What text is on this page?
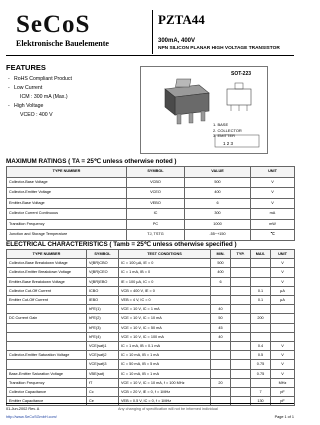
SeCoS
Elektronische Bauelemente
PZTA44
300mA, 400V
NPN SILICON PLANAR HIGH VOLTAGE TRANSISTOR
FEATURES
- RoHS Compliant Product
- Low Current
ICM : 300 mA (Max.)
- High Voltage
VCEO : 400 V
SOT-223
1. BASE
2. COLLECTOR
3. EMITTER
1 2 3
MAXIMUM RATINGS ( TA = 25℃ unless otherwise noted )
TYPE NUMBER	SYMBOL	VALUE	UNIT
Collector-Base Voltage	VCBO	500	V
Collector-Emitter Voltage	VCEO	400	V
Emitter-Base Voltage	VEBO	6	V
Collector Current Continuous	IC	300	mA
Transition Frequency	PC	1000	mW
Junction and Storage Temperature	TJ, TSTG	-55~+150	℃
ELECTRICAL CHARACTERISTICS ( Tamb = 25℃ unless otherwise specified )
TYPE NUMBER	SYMBOL	TEST CONDITIONS	MIN.	TYP.	MAX.	UNIT
Collector-Base Breakdown Voltage	V(BR)CBO	IC = 100 μA, IE = 0	500			V
Collector-Emitter Breakdown Voltage	V(BR)CEO	IC = 1 mA, IB = 0	400			V
Emitter-Base Breakdown Voltage	V(BR)EBO	IE = 100 μA, IC = 0	6			V
Collector Cut-Off Current	ICBO	VCB = 400 V, IE = 0			0.1	μA
Emitter Cut-Off Current	IEBO	VEB = 4 V, IC = 0			0.1	μA
	hFE(1)	VCE = 10 V, IC = 1 mA	40			
DC Current Gain	hFE(2)	VCE = 10 V, IC = 10 mA	50		200	
	hFE(3)	VCE = 10 V, IC = 50 mA	45			
	hFE(4)	VCE = 10 V, IC = 100 mA	40			
	VCE(sat)1	IC = 1 mA, IB = 0.1 mA			0.4	V
Collector-Emitter Saturation Voltage	VCE(sat)2	IC = 10 mA, IB = 1 mA			0.5	V
	VCE(sat)3	IC = 50 mA, IB = 5 mA			0.75	V
Base-Emitter Saturation Voltage	VBE(sat)	IC = 10 mA, IB = 1 mA			0.75	V
Transition Frequency	fT	VCE = 10 V, IC = 10 mA, f = 100 MHz	20			MHz
Collector Capacitance	Cc	VCB = 20 V, IE = 0, f = 1MHz			7	pF
Emitter Capacitance	Ce	VEB = 0.5 V, IC = 0, f = 1MHz			130	pF
01-Jun-2002 Rev. A	Any changing of specification will not be informed individual
http://www.SeCoSGmbH.com/	Page 1 of 1
